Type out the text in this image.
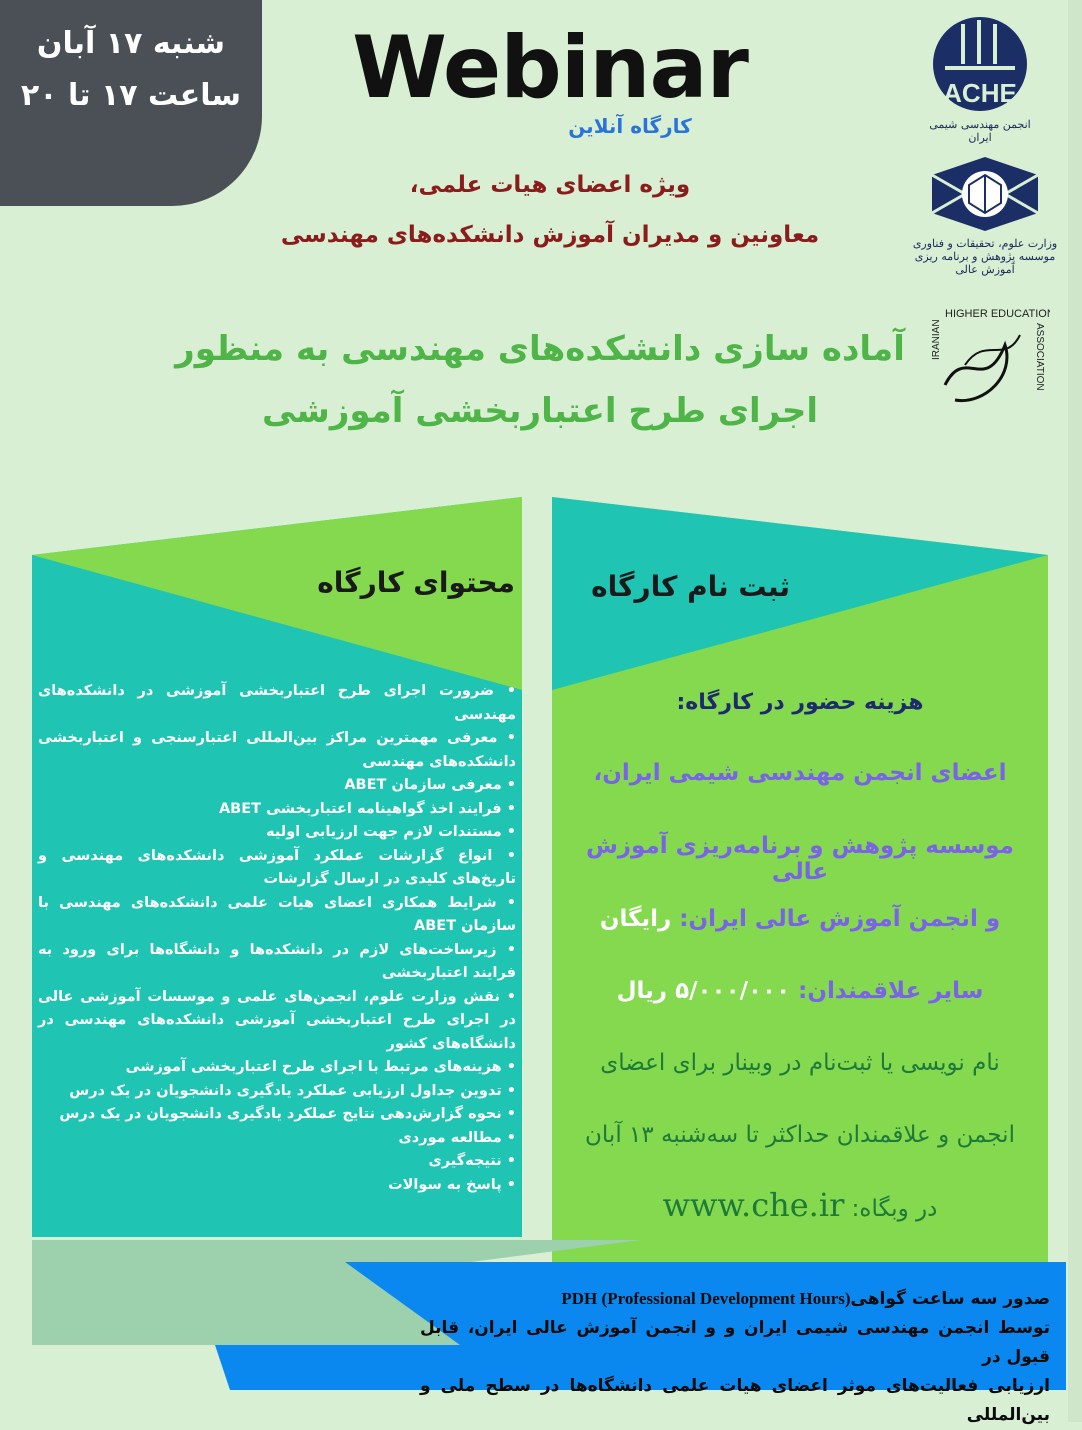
شنبه ۱۷ آبان
ساعت ۱۷ تا ۲۰	Webinar
کارگاه آنلاین
ویژه اعضای هیات علمی،
معاونین و مدیران آموزش دانشکده‌های مهندسی
آماده سازی دانشکده‌های مهندسی به منظور
اجرای طرح اعتباربخشی آموزشی
ACHE
انجمن مهندسی شیمی ایران
وزارت علوم، تحقیقات و فناوری
موسسه پژوهش و برنامه ریزی آموزش عالی
HIGHER EDUCATION
ASSOCIATION
IRANIAN
محتوای کارگاه
• ضرورت اجرای طرح اعتباربخشی آموزشی در دانشکده‌های مهندسی
• معرفی مهمترین مراکز بین‌المللی اعتبارسنجی و اعتباربخشی دانشکده‌های مهندسی
• معرفی سازمان ABET
• فرایند اخذ گواهینامه اعتباربخشی ABET
• مستندات لازم جهت ارزیابی اولیه
• انواع گزارشات عملکرد آموزشی دانشکده‌های مهندسی و تاریخ‌های کلیدی در ارسال گزارشات
• شرایط همکاری اعضای هیات علمی دانشکده‌های مهندسی با سازمان ABET
• زیرساخت‌های لازم در دانشکده‌ها و دانشگاه‌ها برای ورود به فرایند اعتباربخشی
• نقش وزارت علوم، انجمن‌های علمی و موسسات آموزشی عالی در اجرای طرح اعتباربخشی آموزشی دانشکده‌های مهندسی در دانشگاه‌های کشور
• هزینه‌های مرتبط با اجرای طرح اعتباربخشی آموزشی
• تدوین جداول ارزیابی عملکرد یادگیری دانشجویان در یک درس
• نحوه گزارش‌دهی نتایج عملکرد یادگیری دانشجویان در یک درس
• مطالعه موردی
• نتیجه‌گیری
• پاسخ به سوالات
ثبت نام کارگاه
هزینه حضور در کارگاه:
اعضای انجمن مهندسی شیمی ایران،
موسسه پژوهش و برنامه‌ریزی آموزش عالی
و انجمن آموزش عالی ایران: رایگان
سایر علاقمندان: ۵/۰۰۰/۰۰۰ ریال
نام نویسی یا ثبت‌نام در وبینار برای اعضای
انجمن و علاقمندان حداکثر تا سه‌شنبه ۱۳ آبان
در وبگاه: www.che.ir
صدور سه ساعت گواهی(Professional Development Hours) PDH
توسط انجمن مهندسی شیمی ایران و و انجمن آموزش عالی ایران، قابل قبول در
ارزیابی فعالیت‌های موثر اعضای هیات علمی دانشگاه‌ها در سطح ملی و بین‌المللی
